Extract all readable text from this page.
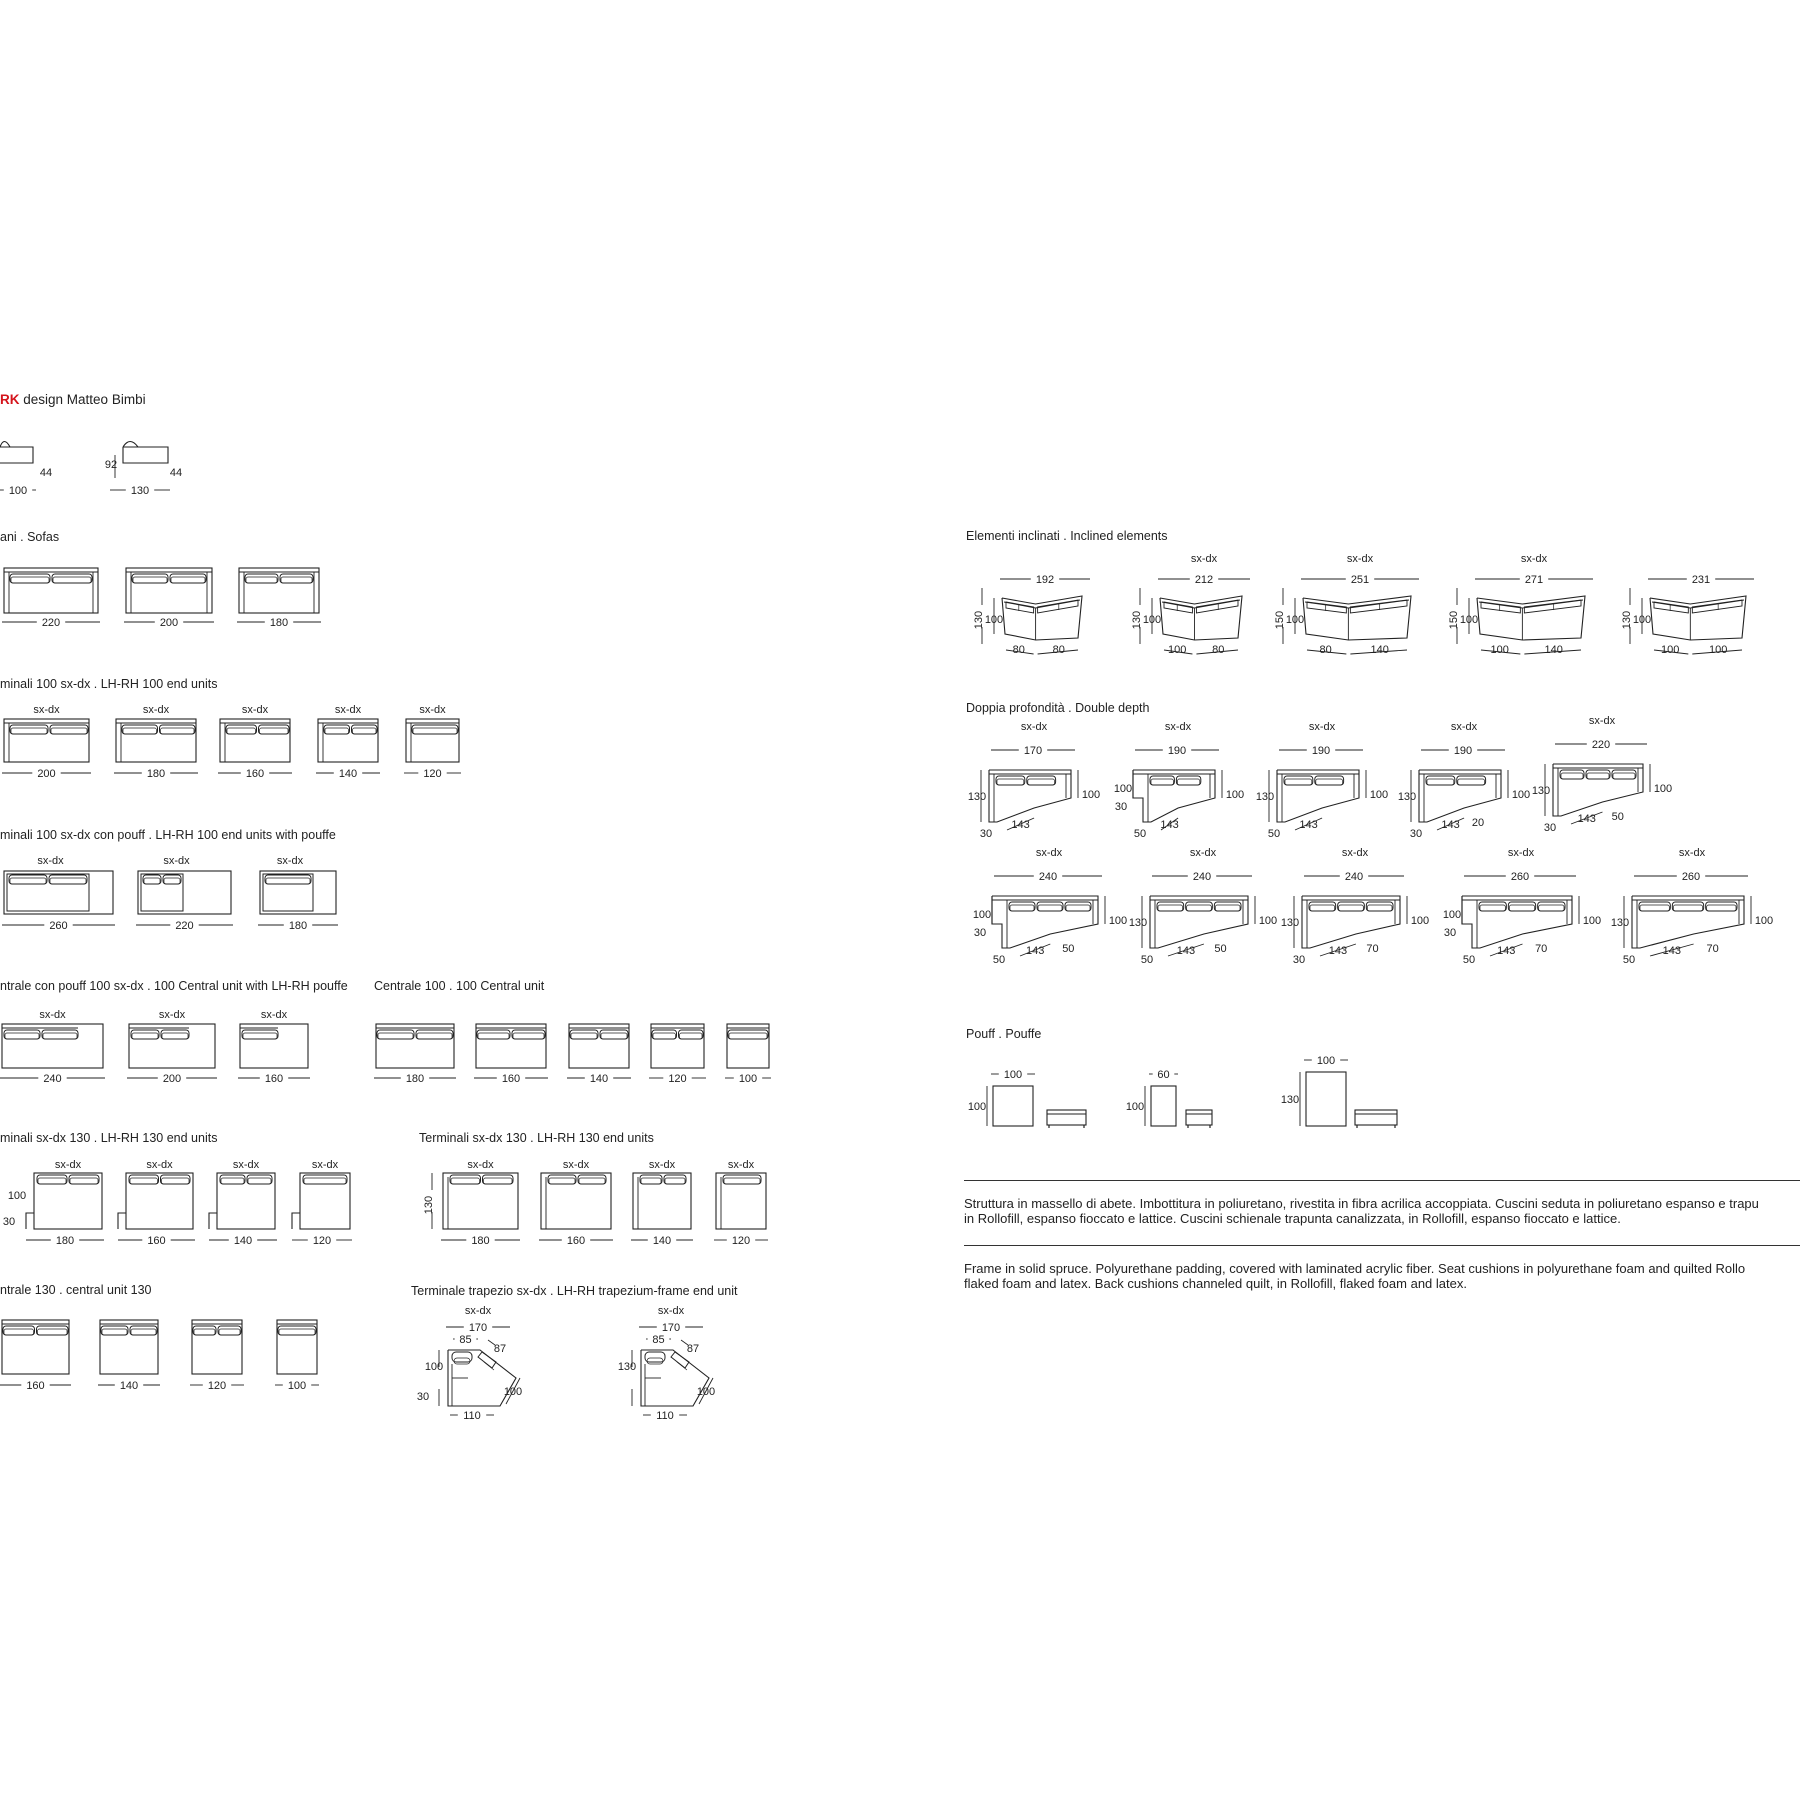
RK design Matteo Bimbi
ani . Sofas
minali 100 sx-dx . LH-RH 100 end units
minali 100 sx-dx con pouff . LH-RH 100 end units with pouffe
ntrale con pouff 100 sx-dx . 100 Central unit with LH-RH pouffe Centrale 100 . 100 Central unit
minali sx-dx 130 . LH-RH 130 end units	Terminali sx-dx 130 . LH-RH 130 end units
ntrale 130 . central unit 130	Terminale trapezio sx-dx . LH-RH trapezium-frame end unit
Elementi inclinati . Inclined elements
Doppia profondità . Double depth
Pouff . Pouffe
Struttura in massello di abete. Imbottitura in poliuretano, rivestita in fibra acrilica accoppiata. Cuscini seduta in poliuretano espanso e trapu
in Rollofill, espanso fioccato e lattice. Cuscini schienale trapunta canalizzata, in Rollofill, espanso fioccato e lattice.
Frame in solid spruce. Polyurethane padding, covered with laminated acrylic fiber. Seat cushions in polyurethane foam and quilted Rollo
flaked foam and latex. Back cushions channeled quilt, in Rollofill, flaked foam and latex.
44
100
92
44
130
220	200	180
sx-dx
200
sx-dx
180
sx-dx
160
sx-dx
140
sx-dx
120
sx-dx
260
sx-dx
220
sx-dx
180
sx-dx
240
sx-dx
200
sx-dx
160	180	160	140	120	100
sx-dx
180
sx-dx
160
sx-dx
140
sx-dx
120
100
30
sx-dx
180
sx-dx
160
sx-dx
140
sx-dx
120
130
160	140	120	100
sx-dx
170
85
87
100
30	100
110
sx-dx
170
85
87
130
100
110
192
130 100
80	80
sx-dx
212
130 100
100 80
sx-dx
251
150 100
80	140
sx-dx
271
150 100
100	140
231
130 100
100	100
sx-dx
170
130	100
143
30
sx-dx
190
100
30
100
143
50
sx-dx
190
130	100
143
50
sx-dx
190
130	100
143 20
30
sx-dx
220
130	100
143 50
30
sx-dx
240
100
30
100
143 50
50
sx-dx
240
130	100
143 50
50
sx-dx
240
130	100
143 70
30
sx-dx
260
100
30
100
143 70
50
sx-dx
260
130	100
143 70
50
100
100
60
100
100
130
